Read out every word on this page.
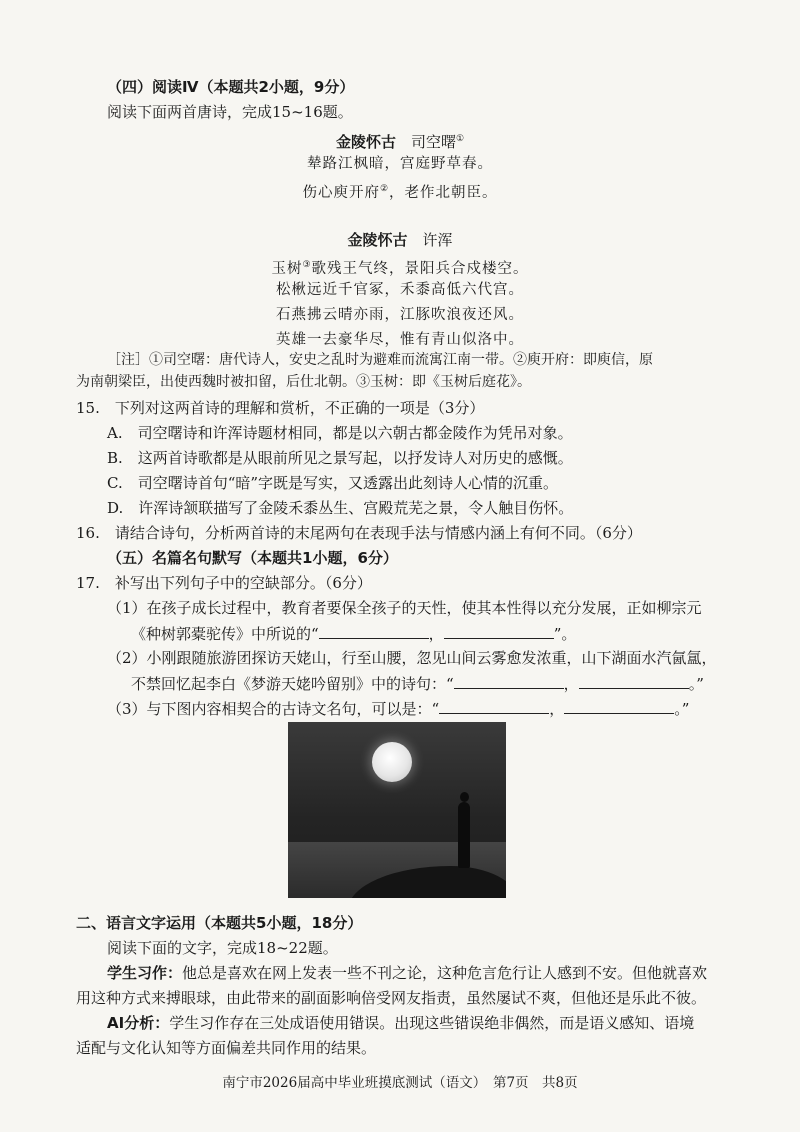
（四）阅读Ⅳ（本题共2小题，9分）
阅读下面两首唐诗，完成15~16题。
金陵怀古　 司空曙①
辇路江枫暗，宫庭野草春。
伤心庾开府②，老作北朝臣。
金陵怀古　 许浑
玉树③歌残王气终，景阳兵合戍楼空。
松楸远近千官冢，禾黍高低六代宫。
石燕拂云晴亦雨，江豚吹浪夜还风。
英雄一去豪华尽，惟有青山似洛中。
［注］①司空曙：唐代诗人，安史之乱时为避难而流寓江南一带。②庾开府：即庾信，原
为南朝梁臣，出使西魏时被扣留，后仕北朝。③玉树：即《玉树后庭花》。
15.　下列对这两首诗的理解和赏析，不正确的一项是（3分）
A.　司空曙诗和许浑诗题材相同，都是以六朝古都金陵作为凭吊对象。
B.　这两首诗歌都是从眼前所见之景写起，以抒发诗人对历史的感慨。
C.　司空曙诗首句“暗”字既是写实，又透露出此刻诗人心情的沉重。
D.　许浑诗颔联描写了金陵禾黍丛生、宫殿荒芜之景，令人触目伤怀。
16.　请结合诗句，分析两首诗的末尾两句在表现手法与情感内涵上有何不同。（6分）
（五）名篇名句默写（本题共1小题，6分）
17.　补写出下列句子中的空缺部分。（6分）
（1）在孩子成长过程中，教育者要保全孩子的天性，使其本性得以充分发展，正如柳宗元
《种树郭橐驼传》中所说的“	，	”。
（2）小刚跟随旅游团探访天姥山，行至山腰，忽见山间云雾愈发浓重，山下湖面水汽氤氲，
不禁回忆起李白《梦游天姥吟留别》中的诗句：“	，	。”
（3）与下图内容相契合的古诗文名句，可以是：“	，	。”
二、语言文字运用（本题共5小题，18分）
阅读下面的文字，完成18~22题。
学生习作：他总是喜欢在网上发表一些不刊之论，这种危言危行让人感到不安。但他就喜欢
用这种方式来搏眼球，由此带来的副面影响倍受网友指责，虽然屡试不爽，但他还是乐此不彼。
AI分析：学生习作存在三处成语使用错误。出现这些错误绝非偶然，而是语义感知、语境
适配与文化认知等方面偏差共同作用的结果。
南宁市2026届高中毕业班摸底测试（语文）　第7页　共8页
